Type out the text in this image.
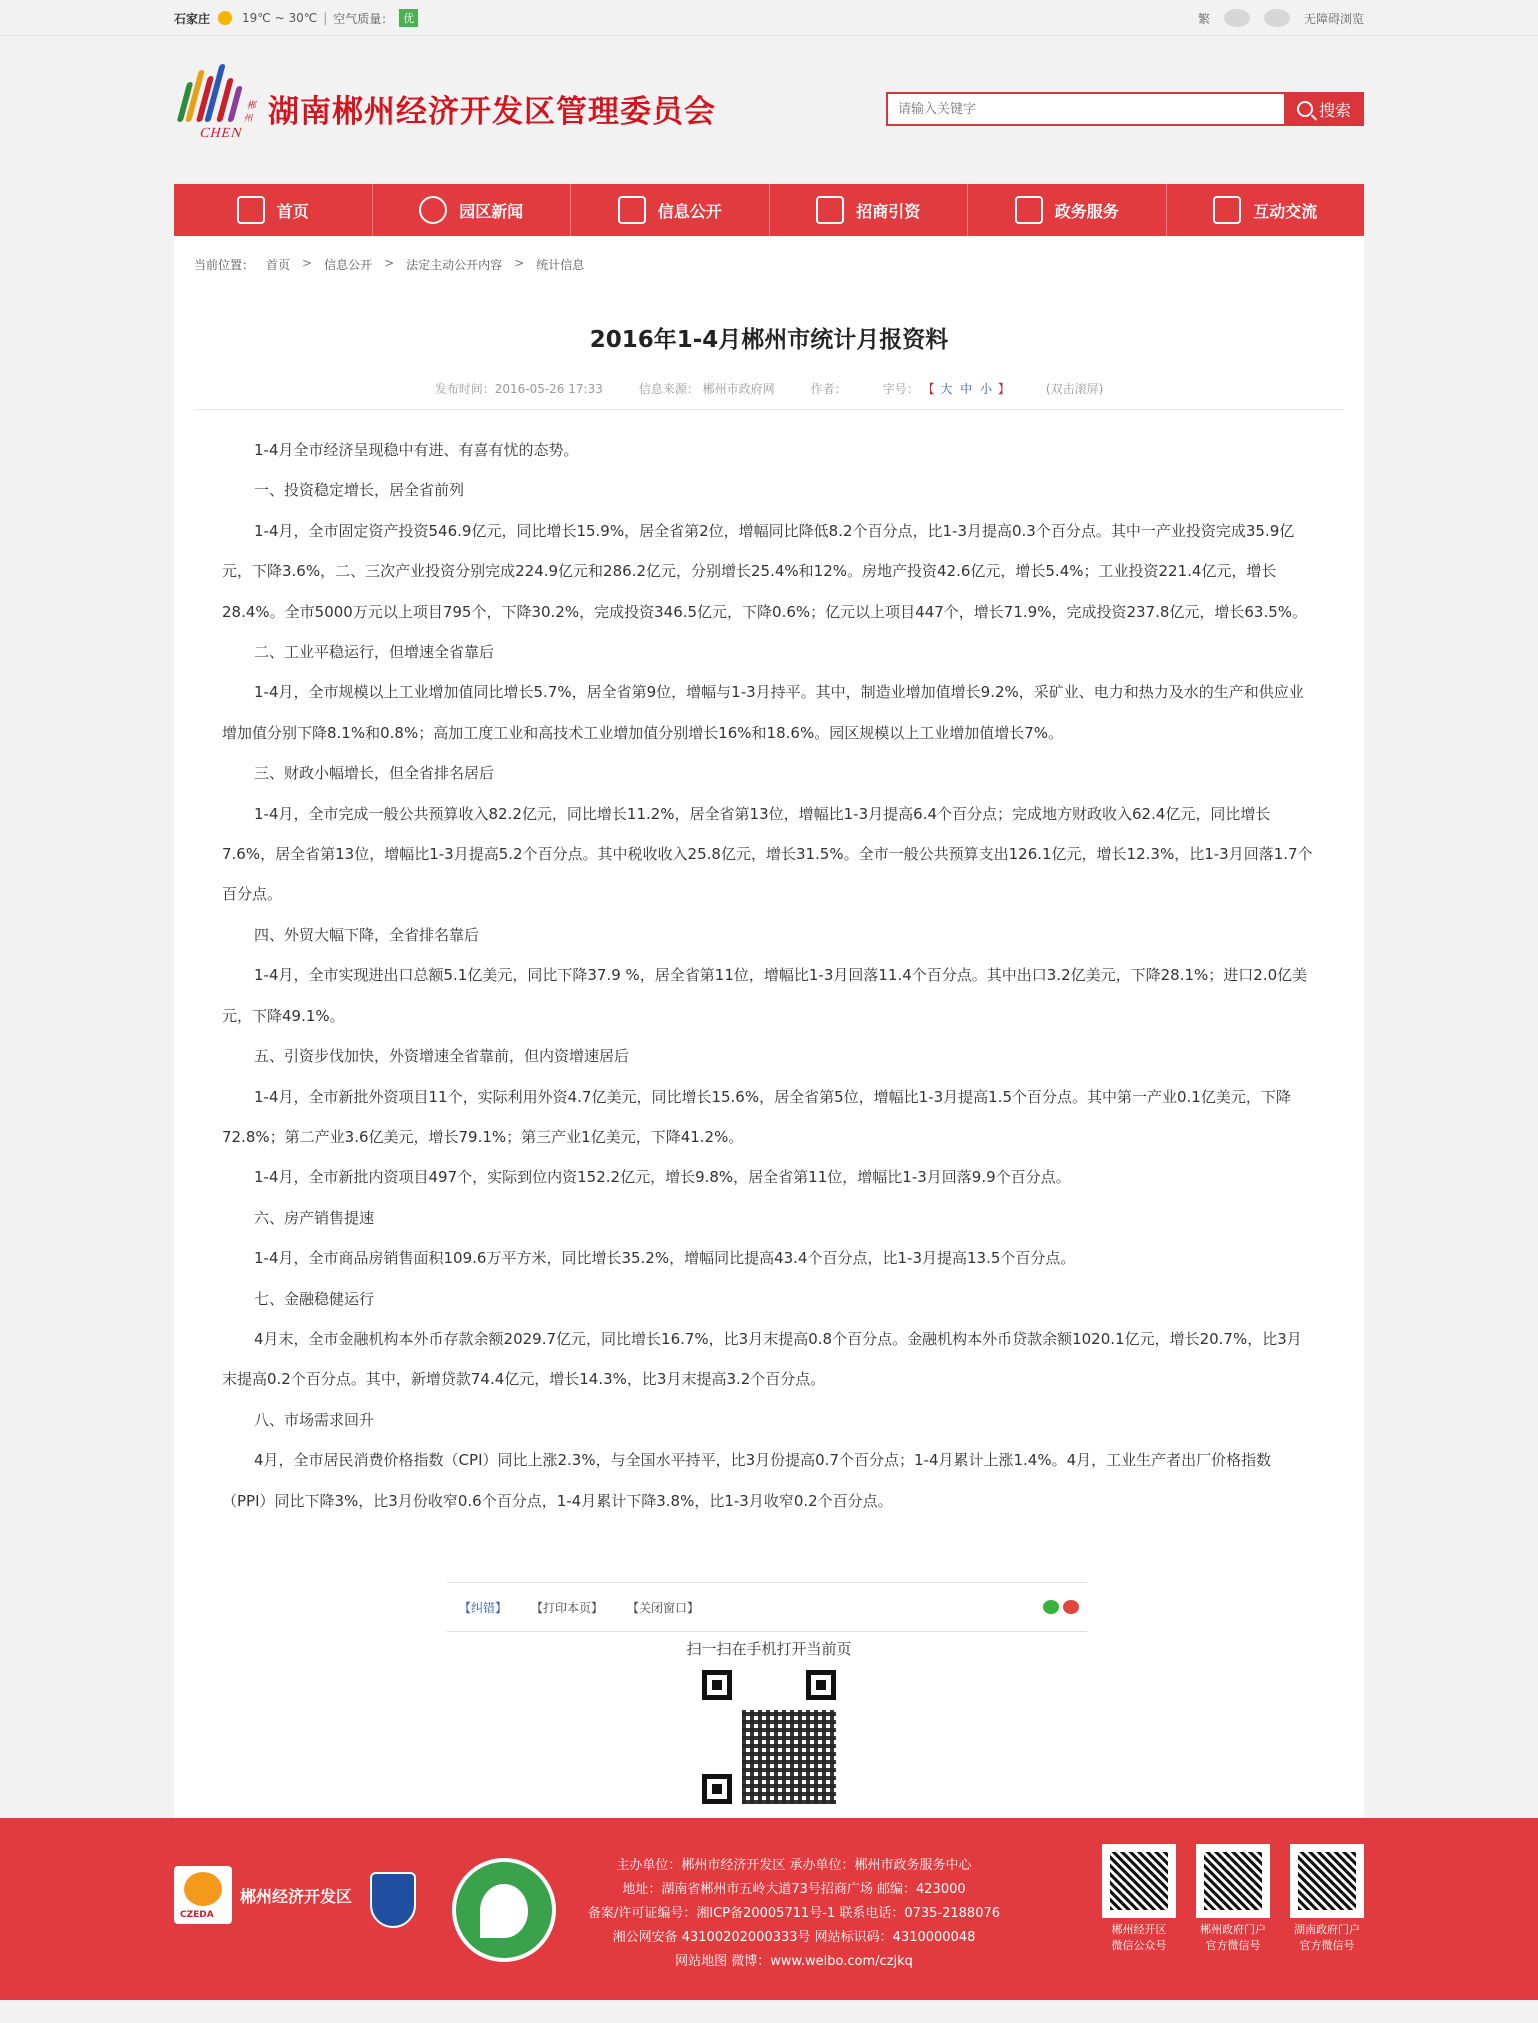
石家庄	19℃ ~ 30℃ | 空气质量： 优	繁	无障碍浏览
郴州
CHEN
湖南郴州经济开发区管理委员会
请输入关键字	搜索
首页	园区新闻	信息公开	招商引资	政务服务	互动交流
当前位置： 首页 > 信息公开 > 法定主动公开内容 > 统计信息
2016年1-4月郴州市统计月报资料
发布时间：2016-05-26 17:33	信息来源： 郴州市政府网	作者：	字号： 【 大 中 小 】	(双击滚屏)

1-4月全市经济呈现稳中有进、有喜有忧的态势。

一、投资稳定增长，居全省前列

1-4月，全市固定资产投资546.9亿元，同比增长15.9%，居全省第2位，增幅同比降低8.2个百分点，比1-3月提高0.3个百分点。其中一产业投资完成35.9亿元，下降3.6%，二、三次产业投资分别完成224.9亿元和286.2亿元，分别增长25.4%和12%。房地产投资42.6亿元，增长5.4%；工业投资221.4亿元，增长28.4%。全市5000万元以上项目795个，下降30.2%，完成投资346.5亿元，下降0.6%；亿元以上项目447个，增长71.9%，完成投资237.8亿元，增长63.5%。

二、工业平稳运行，但增速全省靠后

1-4月，全市规模以上工业增加值同比增长5.7%，居全省第9位，增幅与1-3月持平。其中，制造业增加值增长9.2%，采矿业、电力和热力及水的生产和供应业增加值分别下降8.1%和0.8%；高加工度工业和高技术工业增加值分别增长16%和18.6%。园区规模以上工业增加值增长7%。

三、财政小幅增长，但全省排名居后

1-4月，全市完成一般公共预算收入82.2亿元，同比增长11.2%，居全省第13位，增幅比1-3月提高6.4个百分点；完成地方财政收入62.4亿元，同比增长7.6%，居全省第13位，增幅比1-3月提高5.2个百分点。其中税收收入25.8亿元，增长31.5%。全市一般公共预算支出126.1亿元，增长12.3%，比1-3月回落1.7个百分点。

四、外贸大幅下降，全省排名靠后

1-4月，全市实现进出口总额5.1亿美元，同比下降37.9 %，居全省第11位，增幅比1-3月回落11.4个百分点。其中出口3.2亿美元，下降28.1%；进口2.0亿美元，下降49.1%。

五、引资步伐加快，外资增速全省靠前，但内资增速居后

1-4月，全市新批外资项目11个，实际利用外资4.7亿美元，同比增长15.6%，居全省第5位，增幅比1-3月提高1.5个百分点。其中第一产业0.1亿美元，下降72.8%；第二产业3.6亿美元，增长79.1%；第三产业1亿美元，下降41.2%。

1-4月，全市新批内资项目497个，实际到位内资152.2亿元，增长9.8%，居全省第11位，增幅比1-3月回落9.9个百分点。

六、房产销售提速

1-4月，全市商品房销售面积109.6万平方米，同比增长35.2%，增幅同比提高43.4个百分点，比1-3月提高13.5个百分点。

七、金融稳健运行

4月末，全市金融机构本外币存款余额2029.7亿元，同比增长16.7%，比3月末提高0.8个百分点。金融机构本外币贷款余额1020.1亿元，增长20.7%，比3月末提高0.2个百分点。其中，新增贷款74.4亿元，增长14.3%，比3月末提高3.2个百分点。

八、市场需求回升

4月，全市居民消费价格指数（CPI）同比上涨2.3%，与全国水平持平，比3月份提高0.7个百分点；1-4月累计上涨1.4%。4月，工业生产者出厂价格指数（PPI）同比下降3%，比3月份收窄0.6个百分点，1-4月累计下降3.8%，比1-3月收窄0.2个百分点。

【纠错】 【打印本页】 【关闭窗口】
扫一扫在手机打开当前页
CZEDA
郴州经济开发区
主办单位：郴州市经济开发区 承办单位：郴州市政务服务中心
地址：湖南省郴州市五岭大道73号招商广场 邮编：423000
备案/许可证编号：湘ICP备20005711号-1 联系电话：0735-2188076
湘公网安备 43100202000333号 网站标识码：4310000048
网站地图 微博：www.weibo.com/czjkq
郴州经开区
微信公众号
郴州政府门户
官方微信号
湖南政府门户
官方微信号
